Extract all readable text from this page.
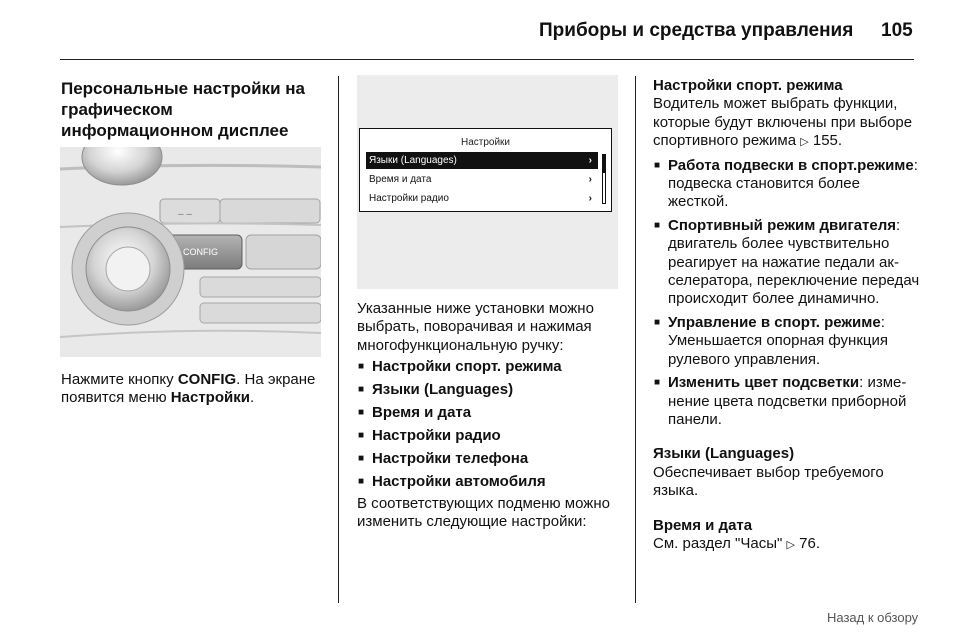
Приборы и средства управления 105
Персональные настройки на графическом информационном дисплее
– –
CONFIG

Нажмите кнопку CONFIG. На экране появится меню Настройки.

Настройки
Языки (Languages)	›
Время и дата	›
Настройки радио	›

Указанные ниже установки можно выбрать, поворачивая и нажимая многофункциональную ручку:

■ Настройки спорт. режима
■ Языки (Languages)
■ Время и дата
■ Настройки радио
■ Настройки телефона
■ Настройки автомобиля

В соответствующих подменю можно изменить следующие настройки:

Настройки спорт. режима

Водитель может выбрать функции, которые будут включены при выборе спортивного режима ▷ 155.

■ Работа подвески в спорт.режиме: подвеска становится более жесткой.
■ Спортивный режим двигателя: двигатель более чувствительно реагирует на нажатие педали акселератора, переключение передач происходит более динамично.
■ Управление в спорт. режиме: Уменьшается опорная функция рулевого управления.
■ Изменить цвет подсветки: изменение цвета подсветки приборной панели.

Языки (Languages)

Обеспечивает выбор требуемого языка.

Время и дата

См. раздел "Часы" ▷ 76.

Назад к обзору
